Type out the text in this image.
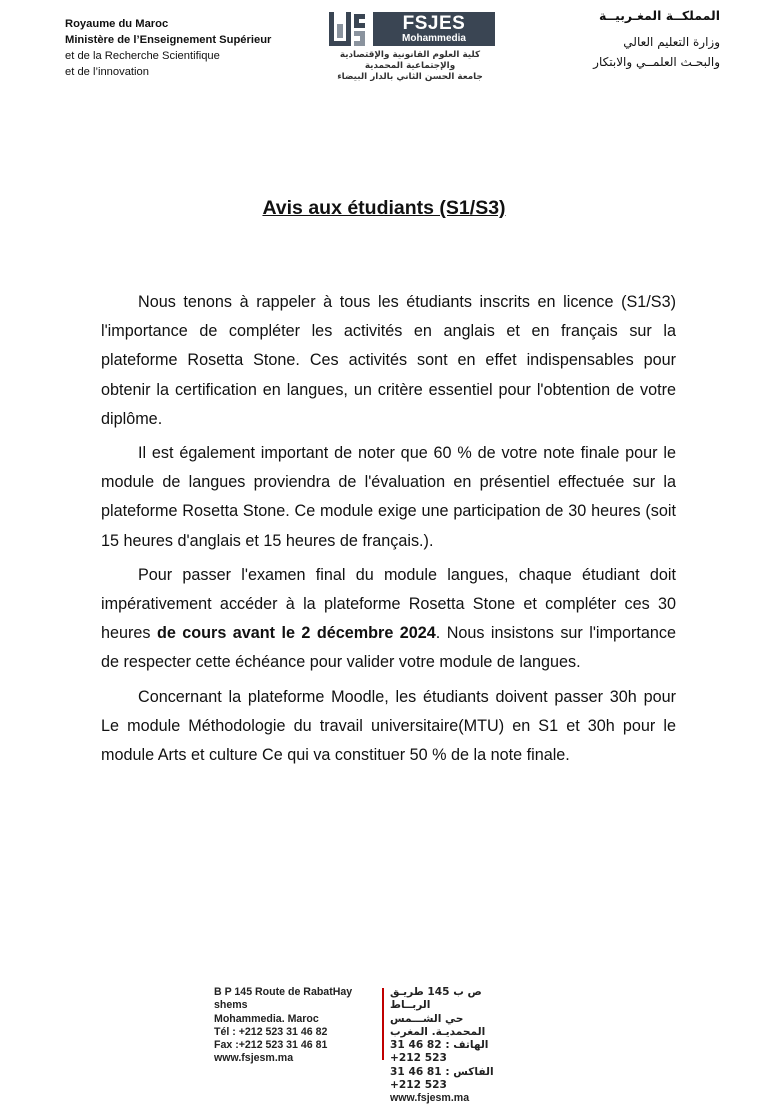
Royaume du Maroc
Ministère de l’Enseignement Supérieur
et de la Recherche Scientifique
et de l’innovation
FSJES
Mohammedia
كلية العلوم القانونية والإقتصادية
والإجتماعية المحمدية
جامعة الحسن الثاني بالدار البيضاء
المملكــة المغـربيــة
وزارة التعليم العالي
والبحـث العلمــي والابتكار
Avis aux étudiants (S1/S3)

Nous tenons à rappeler à tous les étudiants inscrits en licence (S1/S3) l'importance de compléter les activités en anglais et en français sur la plateforme Rosetta Stone. Ces activités sont en effet indispensables pour obtenir la certification en langues, un critère essentiel pour l'obtention de votre diplôme.

Il est également important de noter que 60 % de votre note finale pour le module de langues proviendra de l'évaluation en présentiel effectuée sur la plateforme Rosetta Stone. Ce module exige une participation de 30 heures (soit 15 heures d'anglais et 15 heures de français.).

Pour passer l'examen final du module langues, chaque étudiant doit impérativement accéder à la plateforme Rosetta Stone et compléter ces 30 heures de cours avant le 2 décembre 2024. Nous insistons sur l'importance de respecter cette échéance pour valider votre module de langues.

Concernant la plateforme Moodle, les étudiants doivent passer 30h pour Le module Méthodologie du travail universitaire(MTU) en S1 et 30h pour le module Arts et culture Ce qui va constituer 50 % de la note finale.

B P 145 Route de RabatHay shems
Mohammedia. Maroc
Tél : +212 523 31 46 82
Fax :+212 523 31 46 81
www.fsjesm.ma
ص ب 145 طريـق الربــاط
حي الشـــمس المحمديـة. المغرب
الهاتف : 82 46 31 523 212+
الفاكس : 81 46 31 523 212+
www.fsjesm.ma
